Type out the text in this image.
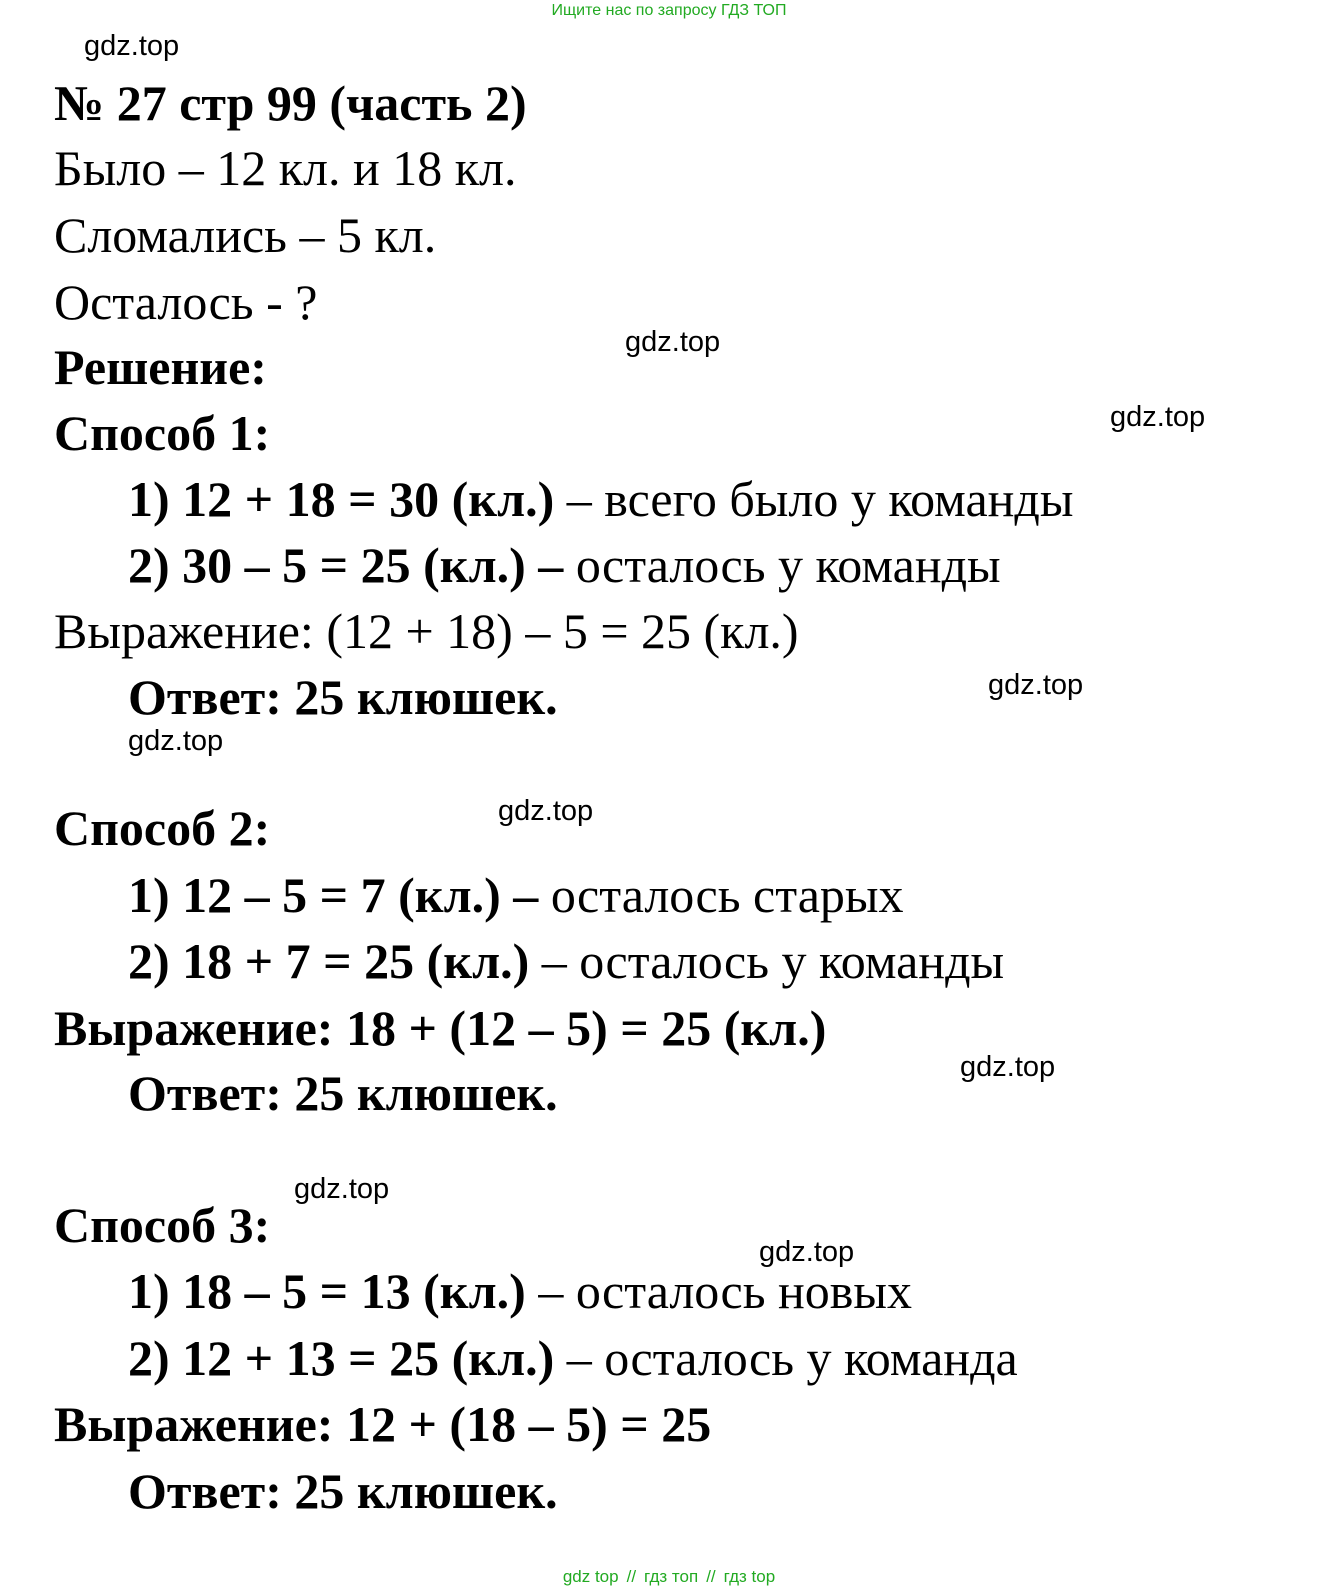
Ищите нас по запросу ГДЗ ТОП
gdz.top
gdz.top
gdz.top
gdz.top
gdz.top
gdz.top
gdz.top
gdz.top
gdz.top
№ 27 стр 99 (часть 2)
Было – 12 кл. и 18 кл.
Сломались – 5 кл.
Осталось - ?
Решение:
Способ 1:
1) 12 + 18 = 30 (кл.) – всего было у команды
2) 30 – 5 = 25 (кл.) – осталось у команды
Выражение: (12 + 18) – 5 = 25 (кл.)
Ответ: 25 клюшек.
Способ 2:
1) 12 – 5 = 7 (кл.) – осталось старых
2) 18 + 7 = 25 (кл.) – осталось у команды
Выражение: 18 + (12 – 5) = 25 (кл.)
Ответ: 25 клюшек.
Способ 3:
1) 18 – 5 = 13 (кл.) – осталось новых
2) 12 + 13 = 25 (кл.) – осталось у команда
Выражение: 12 + (18 – 5) = 25
Ответ: 25 клюшек.
gdz top // гдз топ // гдз top
